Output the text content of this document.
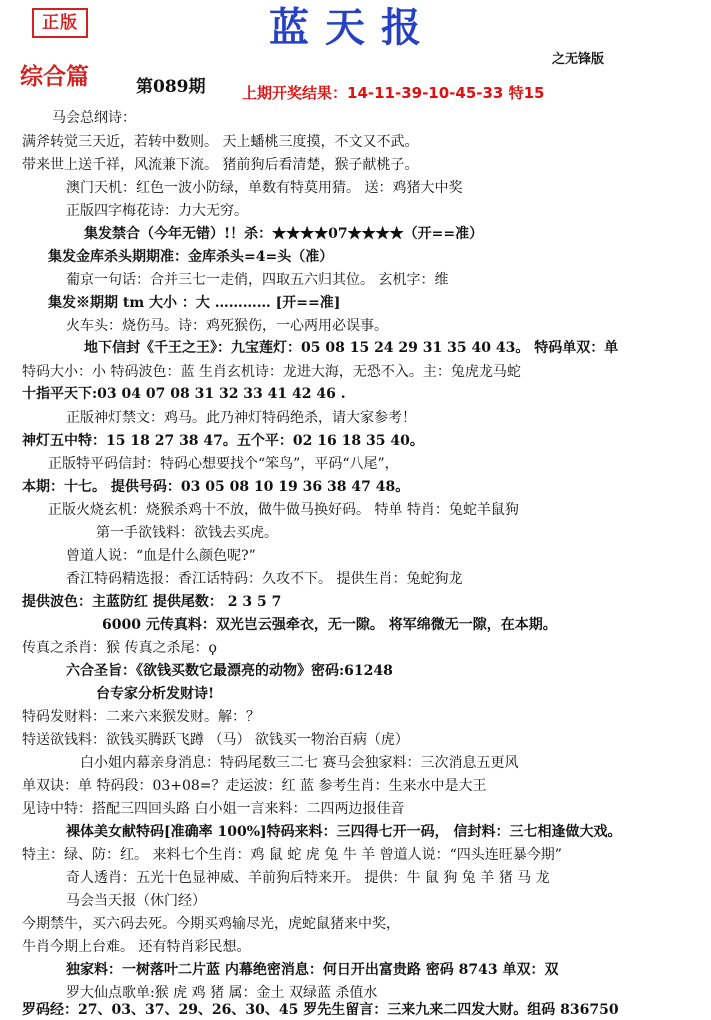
正版	蓝天报
之无锋版
综合篇	第089期 上期开奖结果：14-11-39-10-45-33 特15
马会总纲诗：
满斧转觉三天近，若转中数则。 天上蟠桃三度摸，不文又不武。
带来世上送千祥，风流兼下流。 猪前狗后看清楚，猴子献桃子。
澳门天机：红色一波小防绿，单数有特莫用猜。 送：鸡猪大中奖
正版四字梅花诗：力大无穷。
集发禁合（今年无错）!！杀：★★★★07★★★★（开==准）
集发金库杀头期期准：金库杀头=4=头（准）
葡京一句话：合并三七一走俏，四取五六归其位。 玄机字：维
集发※期期 tm 大小 ：大 ………… [开==准]
火车头：烧伤马。诗：鸡死猴伤，一心两用必误事。
地下信封《千王之王》：九宝莲灯：05 08 15 24 29 31 35 40 43。 特码单双：单
特码大小：小 特码波色：蓝 生肖玄机诗：龙进大海，无恐不入。主：兔虎龙马蛇
十指平天下:03 04 07 08 31 32 33 41 42 46 .
正版神灯禁文：鸡马。此乃神灯特码绝杀，请大家参考！
神灯五中特：15 18 27 38 47。五个平：02 16 18 35 40。
正版特平码信封：特码心想要找个“笨鸟”，平码“八尾”，
本期：十七。 提供号码：03 05 08 10 19 36 38 47 48。
正版火烧玄机：烧猴杀鸡十不放，做牛做马换好码。 特单 特肖：兔蛇羊鼠狗
第一手欲钱料：欲钱去买虎。
曾道人说：“血是什么颜色呢?”
香江特码精选报：香江话特码：久攻不下。 提供生肖：兔蛇狗龙
提供波色：主蓝防红 提供尾数： 2 3 5 7
6000 元传真料：双光岂云强牵衣，无一隙。 将军绵微无一隙，在本期。
传真之杀肖：猴 传真之杀尾：ϙ
六合圣旨：《欲钱买数它最漂亮的动物》密码:61248
台专家分析发财诗!
特码发财料：二来六来猴发财。解：？
特送欲钱料：欲钱买腾跃飞蹲 （马） 欲钱买一物治百病（虎）
白小姐内幕亲身消息：特码尾数三二七 赛马会独家料：三次消息五更风
单双诀：单 特码段：03+08=？走运波：红 蓝 参考生肖：生来水中是大王
见诗中特：搭配三四回头路 白小姐一言来料：二四两边报佳音
裸体美女献特码[准确率 100%]特码来料：三四得七开一码， 信封料：三七相逢做大戏。
特主：绿、防：红。 来料七个生肖：鸡 鼠 蛇 虎 兔 牛 羊 曾道人说：“四头连旺暴今期”
奇人透肖：五光十色显神威、羊前狗后特来开。 提供：牛 鼠 狗 兔 羊 猪 马 龙
马会当天报（休门经）
今期禁牛，买六码去死。今期买鸡输尽光，虎蛇鼠猪来中奖，
牛肖今期上台难。 还有特肖彩民想。
独家料：一树落叶二片蓝 内幕绝密消息：何日开出富贵路 密码 8743 单双：双
罗大仙点歌单:猴 虎 鸡 猪 属：金土 双绿蓝 杀值水
罗码经：27、03、37、29、26、30、45 罗先生留言：三来九来二四发大财。组码 836750
